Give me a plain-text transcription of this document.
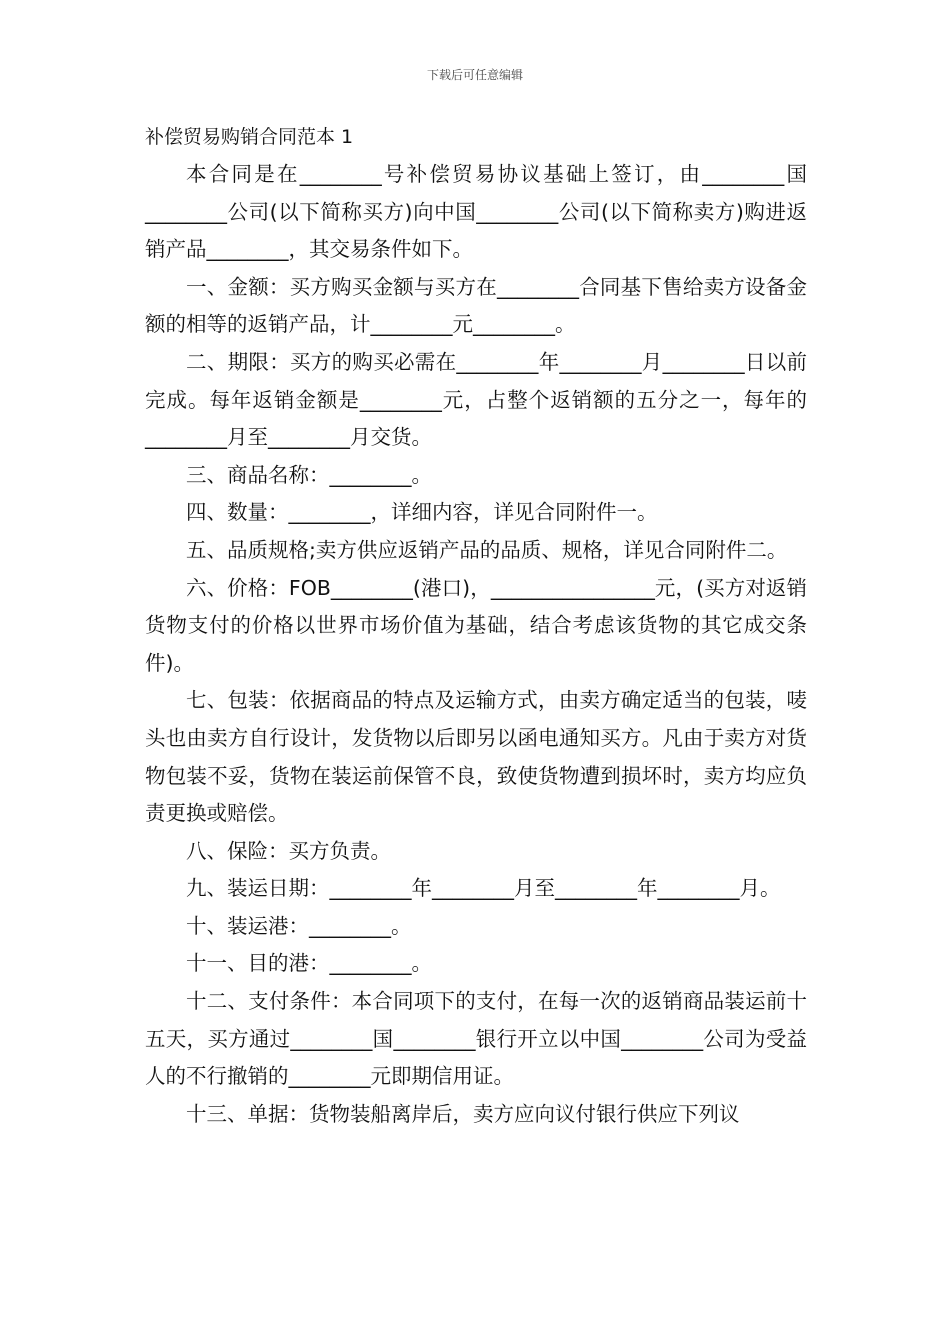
下载后可任意编辑
补偿贸易购销合同范本 1

本合同是在________号补偿贸易协议基础上签订，由________国________公司(以下简称买方)向中国________公司(以下简称卖方)购进返销产品________，其交易条件如下。

一、金额：买方购买金额与买方在________合同基下售给卖方设备金额的相等的返销产品，计________元________。

二、期限：买方的购买必需在________年________月________日以前完成。每年返销金额是________元，占整个返销额的五分之一，每年的________月至________月交货。

三、商品名称：________。

四、数量：________，详细内容，详见合同附件一。

五、品质规格;卖方供应返销产品的品质、规格，详见合同附件二。

六、价格：FOB________(港口)，________________元，(买方对返销货物支付的价格以世界市场价值为基础，结合考虑该货物的其它成交条件)。

七、包装：依据商品的特点及运输方式，由卖方确定适当的包装，唛头也由卖方自行设计，发货物以后即另以函电通知买方。凡由于卖方对货物包装不妥，货物在装运前保管不良，致使货物遭到损坏时，卖方均应负责更换或赔偿。

八、保险：买方负责。

九、装运日期：________年________月至________年________月。

十、装运港：________。

十一、目的港：________。

十二、支付条件：本合同项下的支付，在每一次的返销商品装运前十五天，买方通过________国________银行开立以中国________公司为受益人的不行撤销的________元即期信用证。

十三、单据：货物装船离岸后，卖方应向议付银行供应下列议
